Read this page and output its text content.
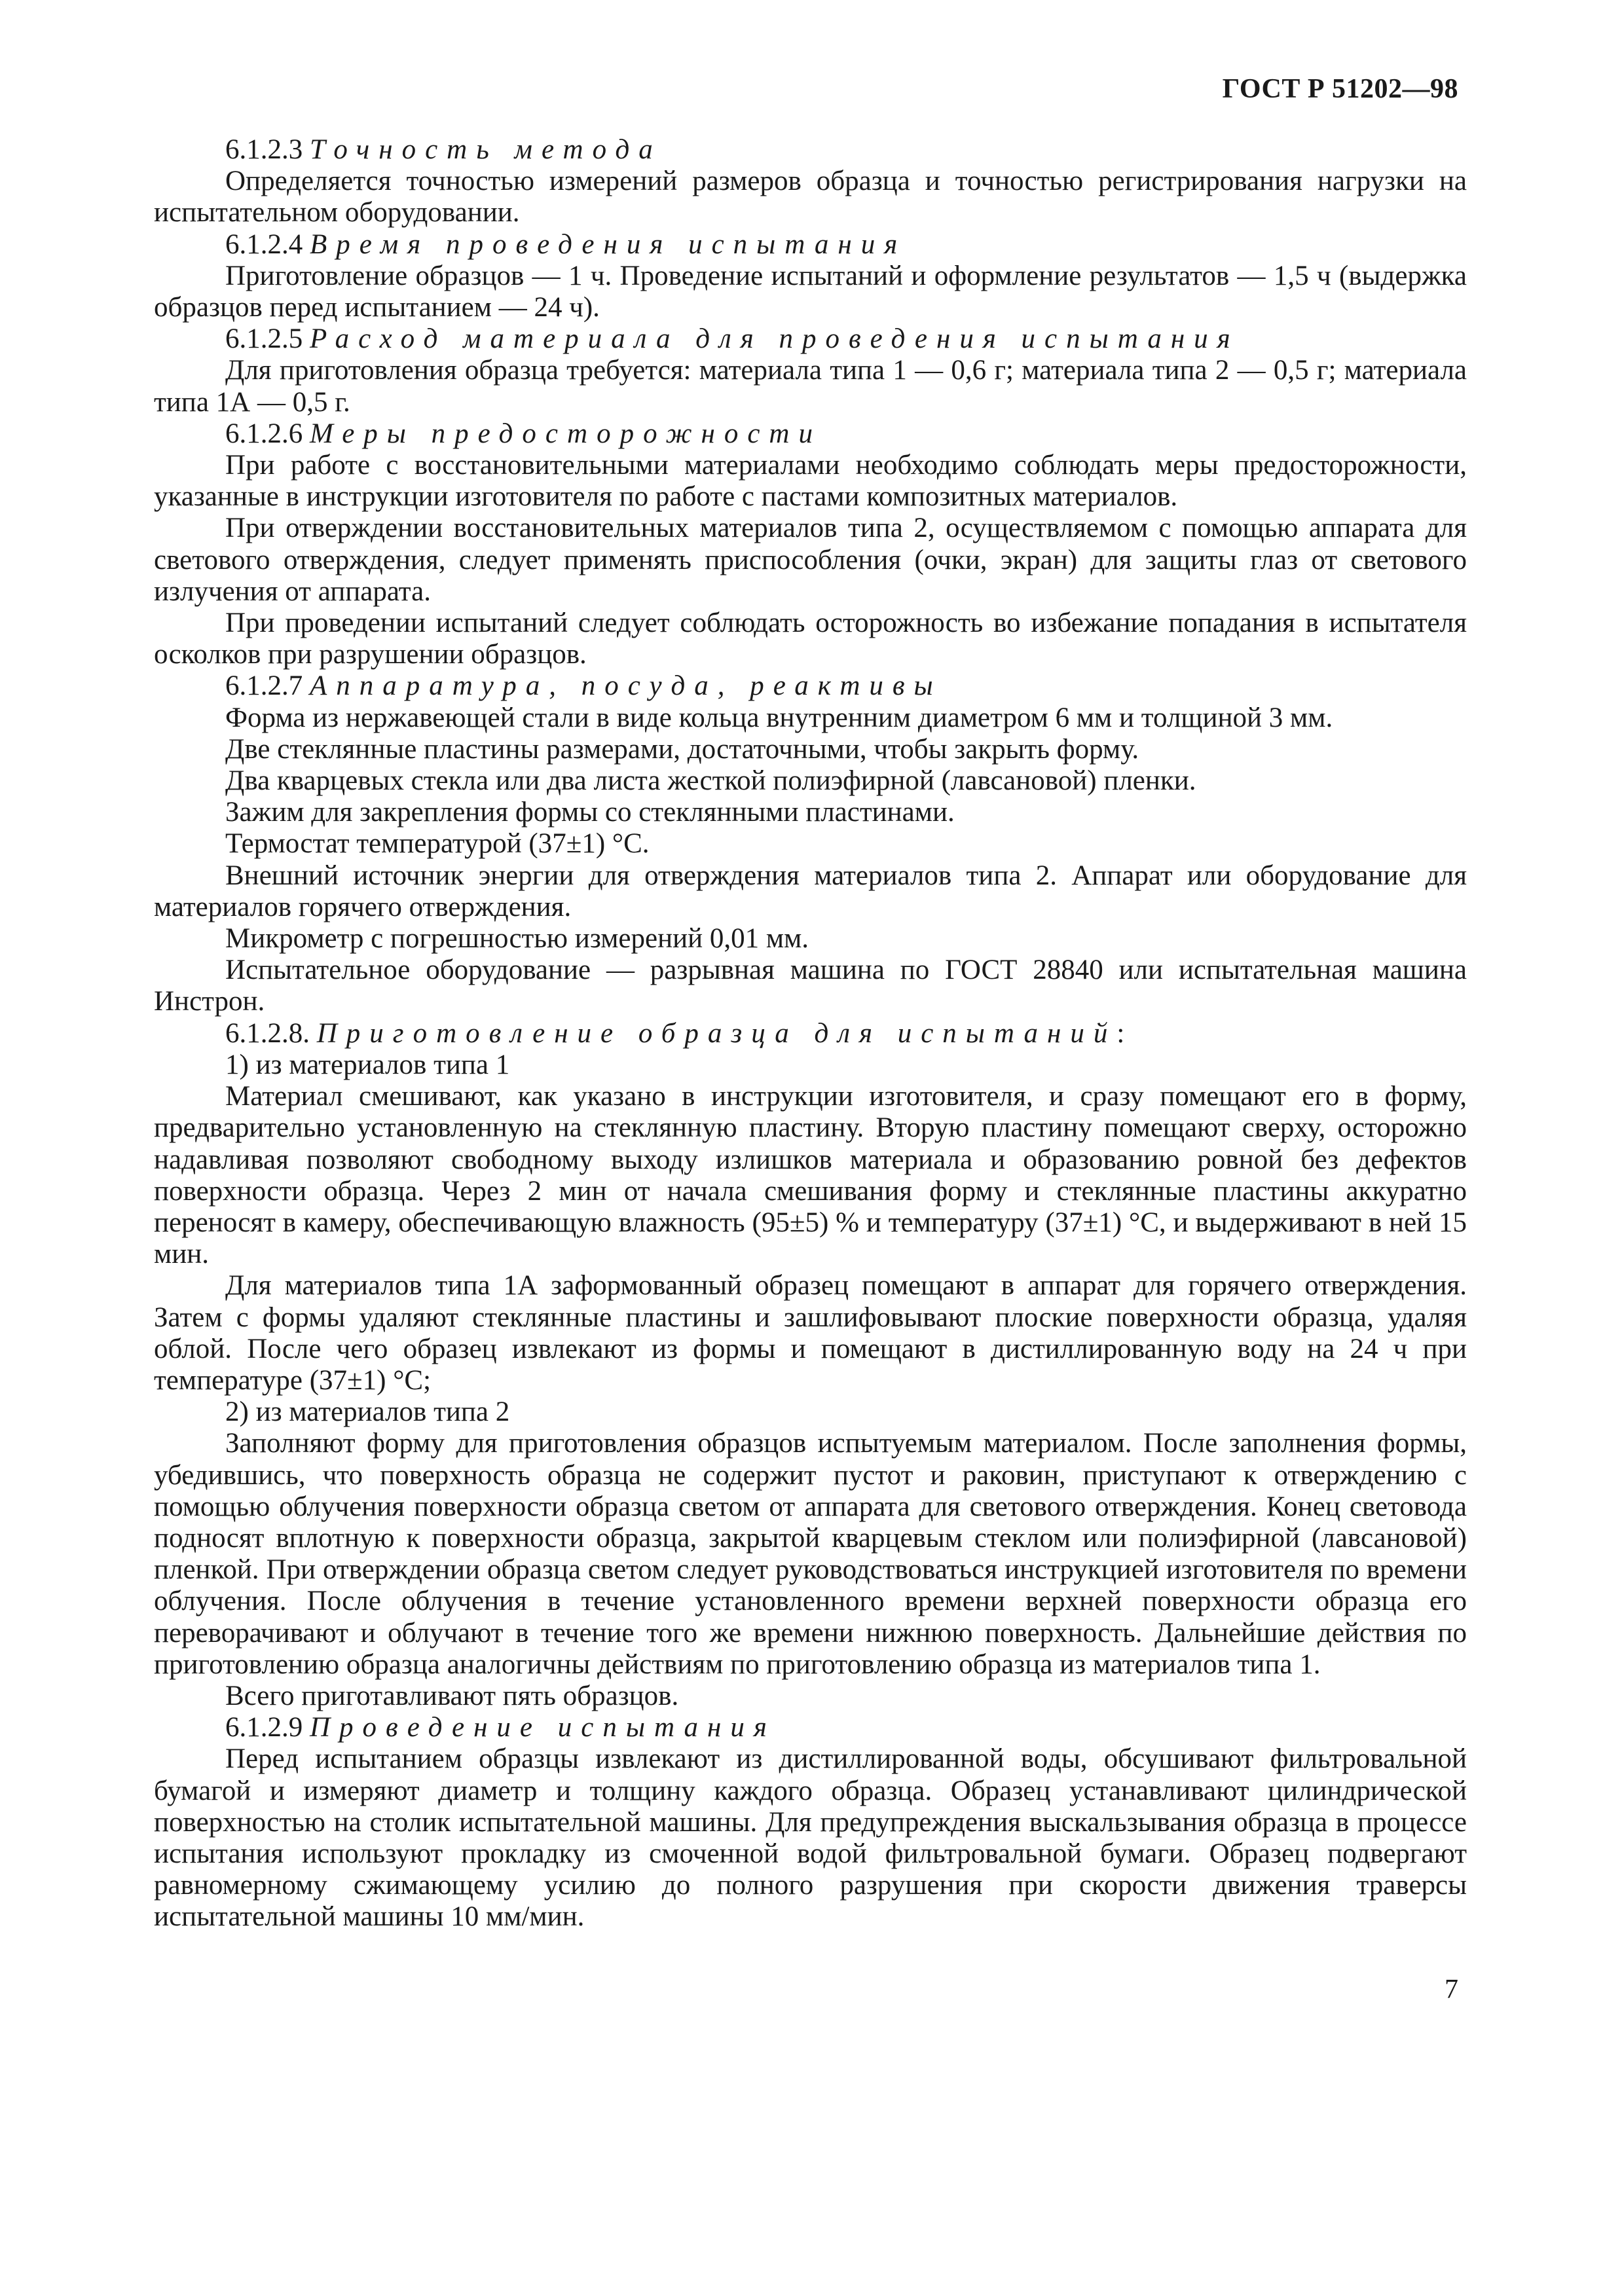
ГОСТ Р 51202—98
6.1.2.3 Точность метода

Определяется точностью измерений размеров образца и точностью регистрирования нагрузки на испытательном оборудовании.

6.1.2.4 Время проведения испытания

Приготовление образцов — 1 ч. Проведение испытаний и оформление результатов — 1,5 ч (выдержка образцов перед испытанием — 24 ч).

6.1.2.5 Расход материала для проведения испытания

Для приготовления образца требуется: материала типа 1 — 0,6 г; материала типа 2 — 0,5 г; материала типа 1А — 0,5 г.

6.1.2.6 Меры предосторожности

При работе с восстановительными материалами необходимо соблюдать меры предосторожности, указанные в инструкции изготовителя по работе с пастами композитных материалов.

При отверждении восстановительных материалов типа 2, осуществляемом с помощью аппарата для светового отверждения, следует применять приспособления (очки, экран) для защиты глаз от светового излучения от аппарата.

При проведении испытаний следует соблюдать осторожность во избежание попадания в испытателя осколков при разрушении образцов.

6.1.2.7 Аппаратура, посуда, реактивы

Форма из нержавеющей стали в виде кольца внутренним диаметром 6 мм и толщиной 3 мм.

Две стеклянные пластины размерами, достаточными, чтобы закрыть форму.

Два кварцевых стекла или два листа жесткой полиэфирной (лавсановой) пленки.

Зажим для закрепления формы со стеклянными пластинами.

Термостат температурой (37±1) °С.

Внешний источник энергии для отверждения материалов типа 2. Аппарат или оборудование для материалов горячего отверждения.

Микрометр с погрешностью измерений 0,01 мм.

Испытательное оборудование — разрывная машина по ГОСТ 28840 или испытательная машина Инстрон.

6.1.2.8. Приготовление образца для испытаний:

1) из материалов типа 1

Материал смешивают, как указано в инструкции изготовителя, и сразу помещают его в форму, предварительно установленную на стеклянную пластину. Вторую пластину помещают сверху, осторожно надавливая позволяют свободному выходу излишков материала и образованию ровной без дефектов поверхности образца. Через 2 мин от начала смешивания форму и стеклянные пластины аккуратно переносят в камеру, обеспечивающую влажность (95±5) % и температуру (37±1) °С, и выдерживают в ней 15 мин.

Для материалов типа 1А заформованный образец помещают в аппарат для горячего отверждения. Затем с формы удаляют стеклянные пластины и зашлифовывают плоские поверхности образца, удаляя облой. После чего образец извлекают из формы и помещают в дистиллированную воду на 24 ч при температуре (37±1) °С;

2) из материалов типа 2

Заполняют форму для приготовления образцов испытуемым материалом. После заполнения формы, убедившись, что поверхность образца не содержит пустот и раковин, приступают к отверждению с помощью облучения поверхности образца светом от аппарата для светового отверждения. Конец световода подносят вплотную к поверхности образца, закрытой кварцевым стеклом или полиэфирной (лавсановой) пленкой. При отверждении образца светом следует руководствоваться инструкцией изготовителя по времени облучения. После облучения в течение установленного времени верхней поверхности образца его переворачивают и облучают в течение того же времени нижнюю поверхность. Дальнейшие действия по приготовлению образца аналогичны действиям по приготовлению образца из материалов типа 1.

Всего приготавливают пять образцов.

6.1.2.9 Проведение испытания

Перед испытанием образцы извлекают из дистиллированной воды, обсушивают фильтровальной бумагой и измеряют диаметр и толщину каждого образца. Образец устанавливают цилиндрической поверхностью на столик испытательной машины. Для предупреждения выскальзывания образца в процессе испытания используют прокладку из смоченной водой фильтровальной бумаги. Образец подвергают равномерному сжимающему усилию до полного разрушения при скорости движения траверсы испытательной машины 10 мм/мин.

7
